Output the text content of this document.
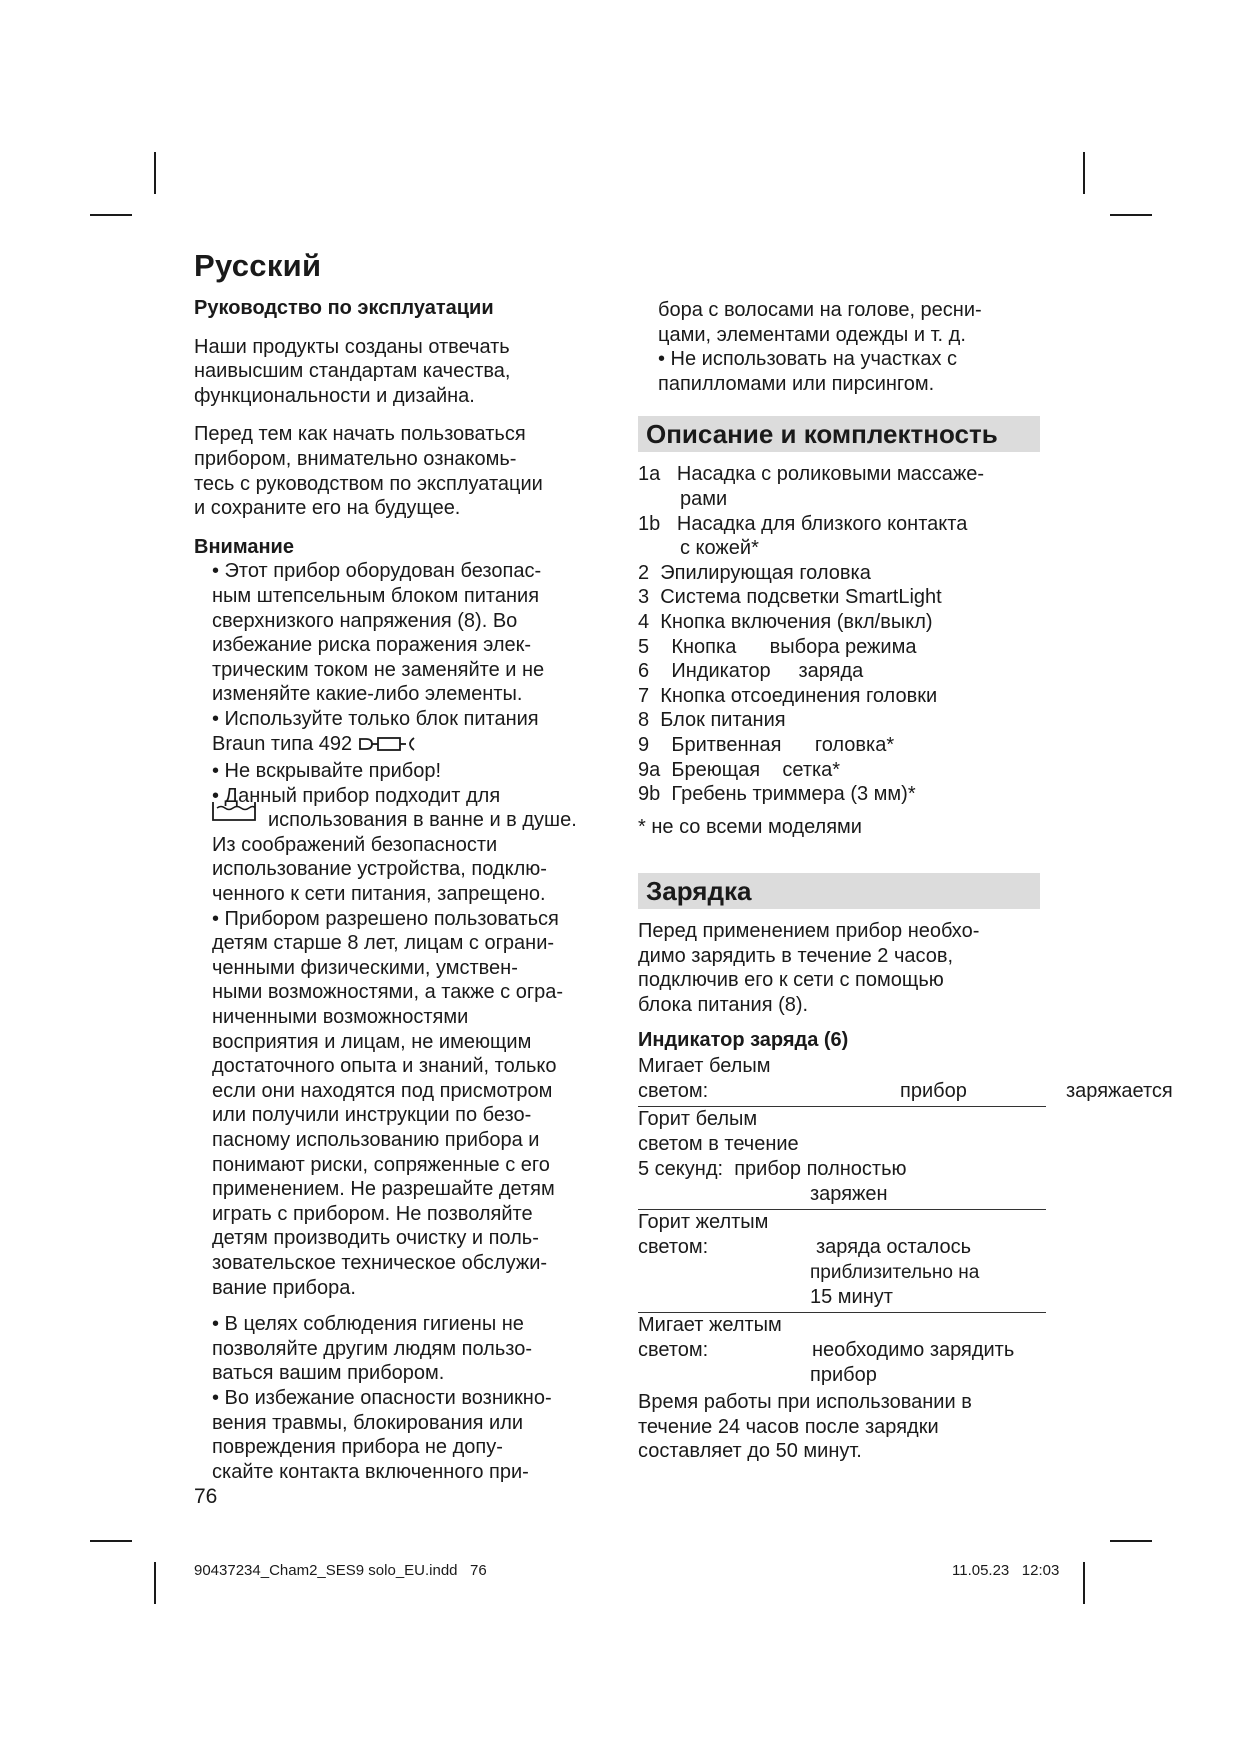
Русский

Руководство по эксплуатации

Наши продукты созданы отвечать

наивысшим стандартам качества,

функциональности и дизайна.

Перед тем как начать пользоваться

прибором, внимательно ознакомь-

тесь с руководством по эксплуатации

и сохраните его на будущее.

Внимание

• Этот прибор оборудован безопас-

ным штепсельным блоком питания

сверхнизкого напряжения (8). Во

избежание риска поражения элек-

трическим током не заменяйте и не

изменяйте какие-либо элементы.

• Используйте только блок питания

Braun типа 492

• Не вскрывайте прибор!

• Данный прибор подходит для

использования в ванне и в душе.

Из соображений безопасности

использование устройства, подклю-

ченного к сети питания, запрещено.

• Прибором разрешено пользоваться

детям старше 8 лет, лицам с ограни-

ченными физическими, умствен-

ными возможностями, а также с огра-

ниченными возможностями

восприятия и лицам, не имеющим

достаточного опыта и знаний, только

если они находятся под присмотром

или получили инструкции по безо-

пасному использованию прибора и

понимают риски, сопряженные с его

применением. Не разрешайте детям

играть с прибором. Не позволяйте

детям производить очистку и поль-

зовательское техническое обслужи-

вание прибора.

• В целях соблюдения гигиены не

позволяйте другим людям пользо-

ваться вашим прибором.

• Во избежание опасности возникно-

вения травмы, блокирования или

повреждения прибора не допу-

скайте контакта включенного при-

бора с волосами на голове, ресни-

цами, элементами одежды и т. д.

• Не использовать на участках с

папилломами или пирсингом.

Описание и комплектность

1a Насадка с роликовыми массаже-

рами

1b Насадка для близкого контакта

с кожей*

2  Эпилирующая головка

3  Система подсветки SmartLight

4  Кнопка включения (вкл/выкл)

5    Кнопка      выбора режима

6    Индикатор     заряда

7  Кнопка отсоединения головки

8  Блок питания

9    Бритвенная      головка*

9a  Бреющая    сетка*

9b  Гребень триммера (3 мм)*

* не со всеми моделями

Зарядка

Перед применением прибор необхо-

димо зарядить в течение 2 часов,

подключив его к сети с помощью

блока питания (8).

Индикатор заряда (6)

Мигает белым
светом:	прибор	заряжается
Горит белым
светом в течение
5 секунд: прибор полностью
заряжен
Горит желтым
светом:	заряда осталось
приблизительно на
15 минут
Мигает желтым
светом:	необходимо зарядить
прибор

Время работы при использовании в

течение 24 часов после зарядки

составляет до 50 минут.

76
90437234_Cham2_SES9 solo_EU.indd   76	11.05.23   12:03
